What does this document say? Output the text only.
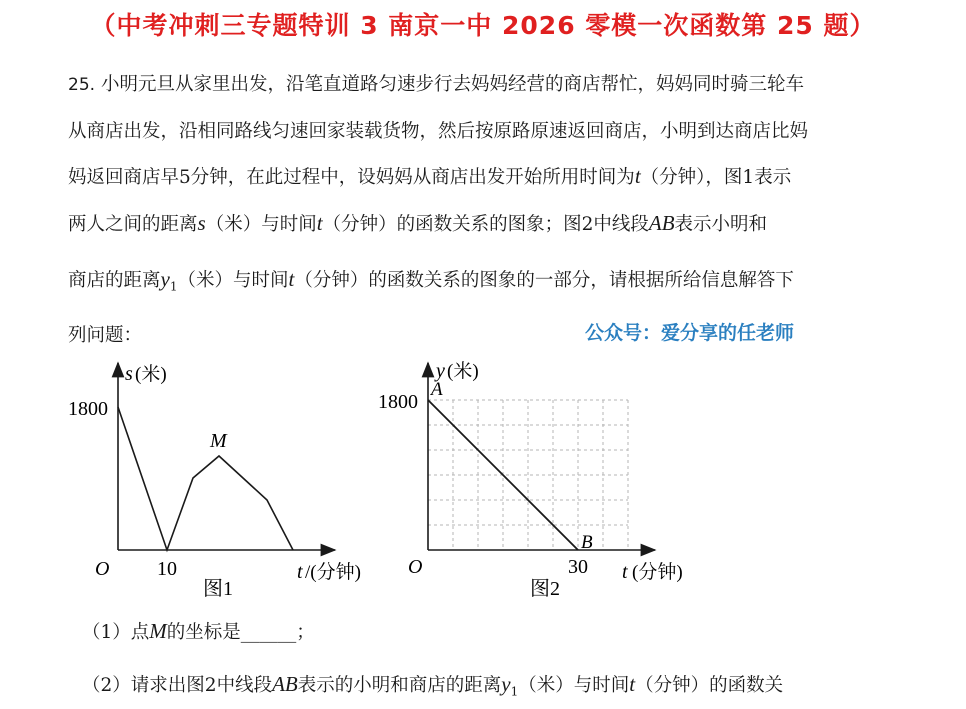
（中考冲刺三专题特训 3 南京一中 2026 零模一次函数第 25 题）
25. 小明元旦从家里出发，沿笔直道路匀速步行去妈妈经营的商店帮忙，妈妈同时骑三轮车
从商店出发，沿相同路线匀速回家装载货物，然后按原路原速返回商店，小明到达商店比妈
妈返回商店早5分钟，在此过程中，设妈妈从商店出发开始所用时间为t（分钟），图1表示
两人之间的距离s（米）与时间t（分钟）的函数关系的图象；图2中线段AB表示小明和
商店的距离$y_1$（米）与时间t（分钟）的函数关系的图象的一部分，请根据所给信息解答下
列问题：	公众号：爱分享的任老师
s (米)
1800
O 10
M
t /(分钟)
图1
y (米)
1800
A
O
B
30 t (分钟)
图2
（1）点M的坐标是______；
（2）请求出图2中线段AB表示的小明和商店的距离$y_1$（米）与时间t（分钟）的函数关
